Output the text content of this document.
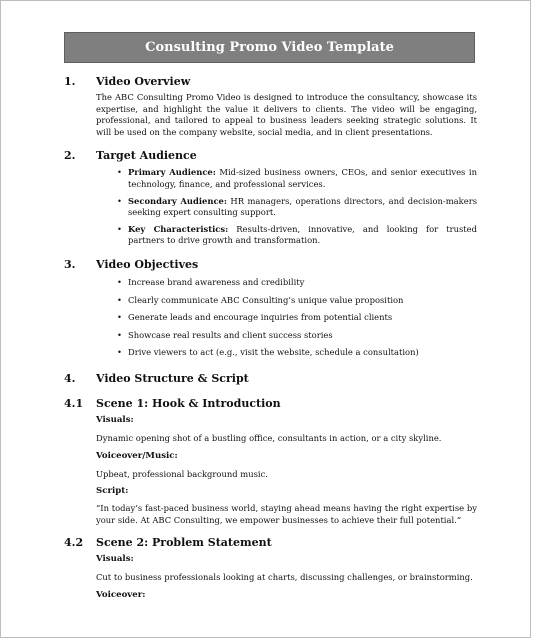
Consulting Promo Video Template
1.	Video Overview
The ABC Consulting Promo Video is designed to introduce the consultancy, showcase its expertise, and highlight the value it delivers to clients. The video will be engaging, professional, and tailored to appeal to business leaders seeking strategic solutions. It will be used on the company website, social media, and in client presentations.
2.	Target Audience
• Primary Audience: Mid-sized business owners, CEOs, and senior executives in technology, finance, and professional services.
• Secondary Audience: HR managers, operations directors, and decision-makers seeking expert consulting support.
• Key Characteristics: Results-driven, innovative, and looking for trusted partners to drive growth and transformation.
3.	Video Objectives
• Increase brand awareness and credibility
• Clearly communicate ABC Consulting’s unique value proposition
• Generate leads and encourage inquiries from potential clients
• Showcase real results and client success stories
• Drive viewers to act (e.g., visit the website, schedule a consultation)
4.	Video Structure & Script
4.1	Scene 1: Hook & Introduction
Visuals:
Dynamic opening shot of a bustling office, consultants in action, or a city skyline.
Voiceover/Music:
Upbeat, professional background music.
Script:
“In today’s fast-paced business world, staying ahead means having the right expertise by your side. At ABC Consulting, we empower businesses to achieve their full potential.”
4.2	Scene 2: Problem Statement
Visuals:
Cut to business professionals looking at charts, discussing challenges, or brainstorming.
Voiceover:
